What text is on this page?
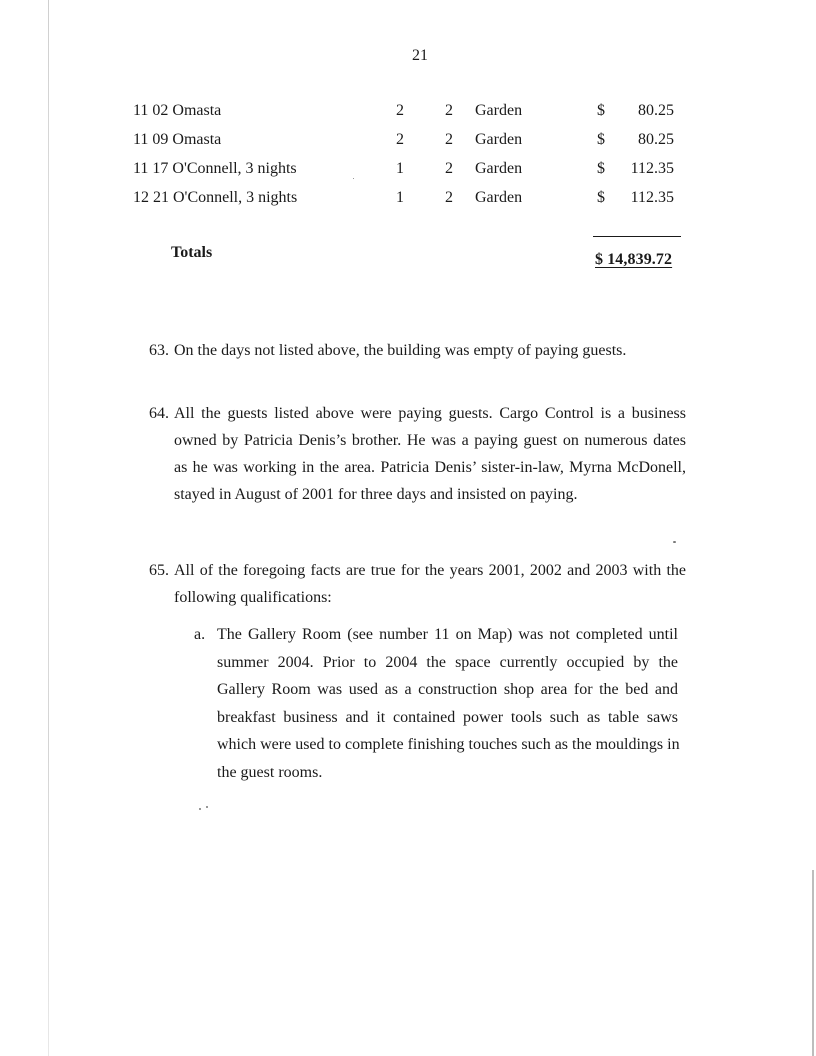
21
11 02 Omasta	2	2 Garden	$ 80.25
11 09 Omasta	2	2 Garden	$ 80.25
11 17 O'Connell, 3 nights	1	2 Garden	$ 112.35
12 21 O'Connell, 3 nights	1	2 Garden	$ 112.35
Totals	$ 14,839.72
63. On the days not listed above, the building was empty of paying guests.
64. All the guests listed above were paying guests. Cargo Control is a business
owned by Patricia Denis’s brother. He was a paying guest on numerous dates
as he was working in the area. Patricia Denis’ sister-in-law, Myrna McDonell,
stayed in August of 2001 for three days and insisted on paying.
65. All of the foregoing facts are true for the years 2001, 2002 and 2003 with the
following qualifications:
a. The Gallery Room (see number 11 on Map) was not completed until
summer 2004. Prior to 2004 the space currently occupied by the
Gallery Room was used as a construction shop area for the bed and
breakfast business and it contained power tools such as table saws
which were used to complete finishing touches such as the mouldings in
the guest rooms.
